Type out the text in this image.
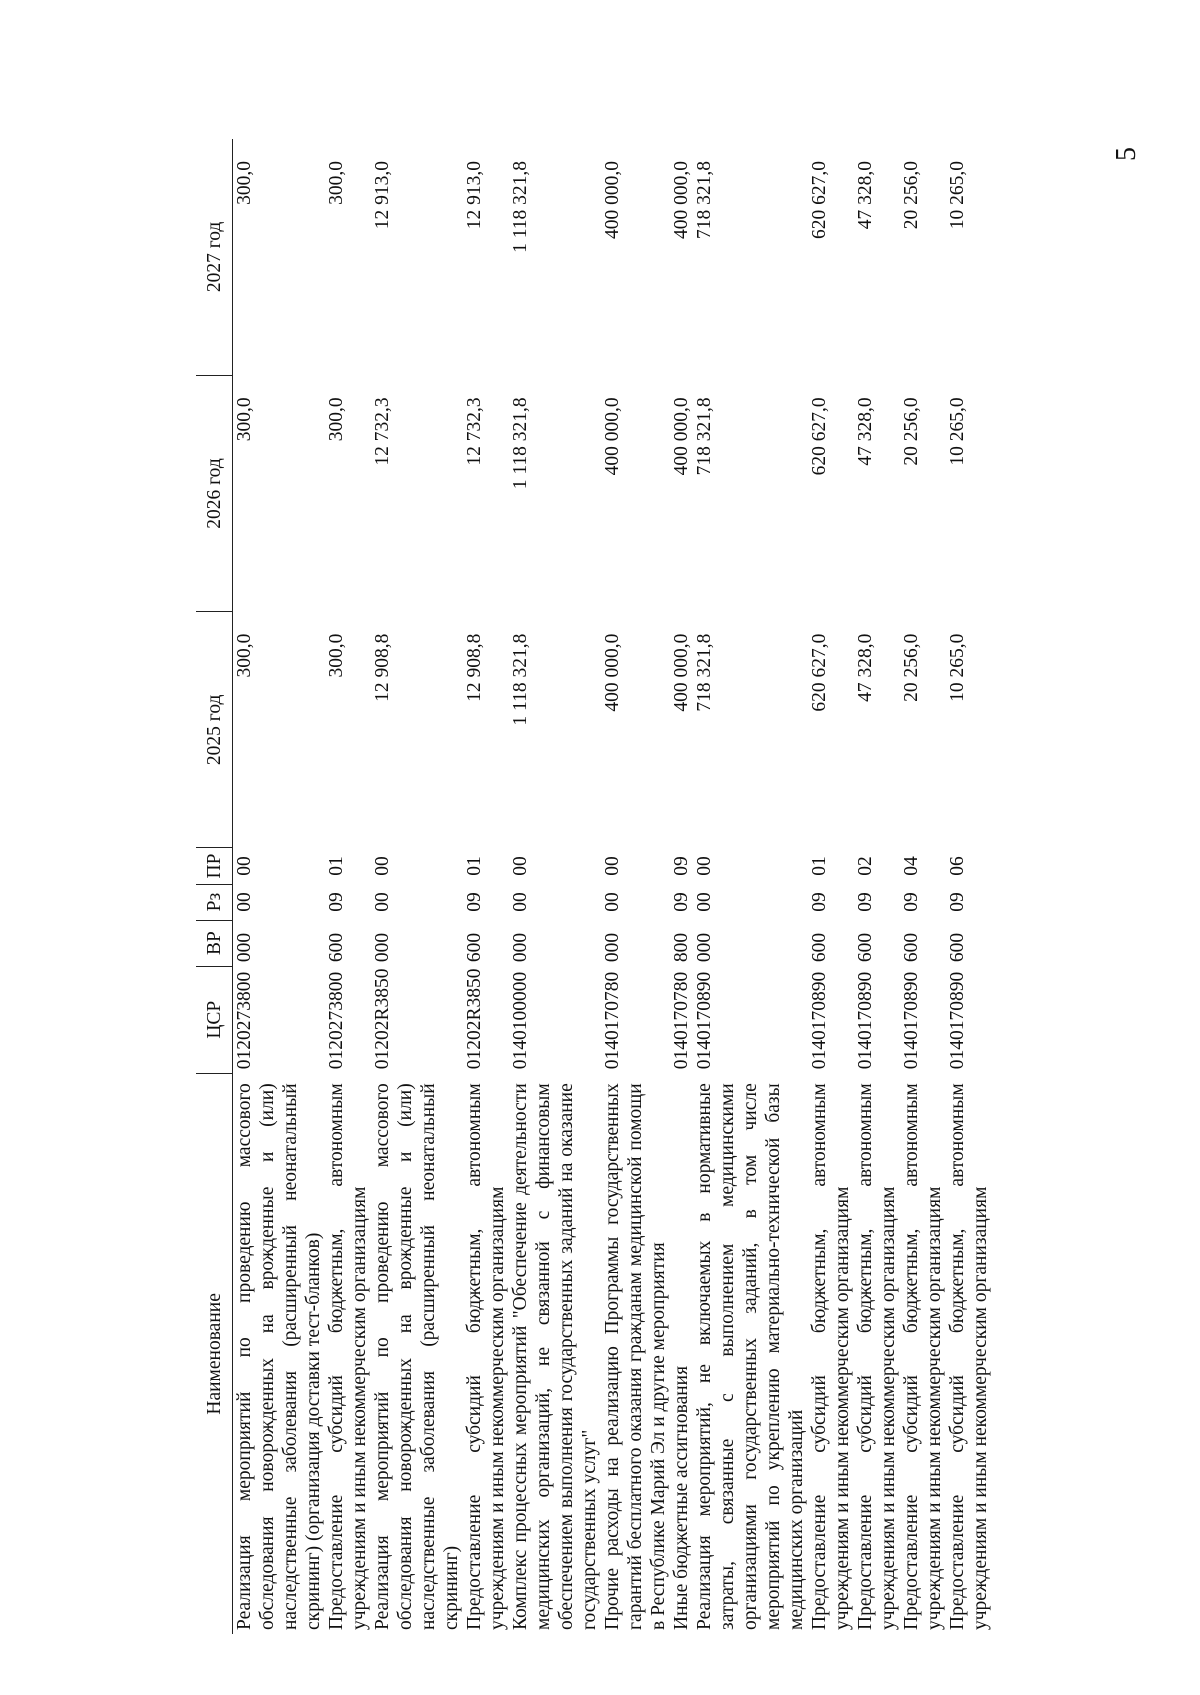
5
Наименование	ЦСР	ВР	Рз	ПР	2025 год	2026 год	2027 год
Реализация мероприятий по проведению массового обследования новорожденных на врожденные и (или) наследственные заболевания (расширенный неонатальный скрининг) (организация доставки тест-бланков)	0120273800	000	00	00	300,0	300,0	300,0
Предоставление субсидий бюджетным, автономным учреждениям и иным некоммерческим организациям	0120273800	600	09	01	300,0	300,0	300,0
Реализация мероприятий по проведению массового обследования новорожденных на врожденные и (или) наследственные заболевания (расширенный неонатальный скрининг)	01202R3850	000	00	00	12 908,8	12 732,3	12 913,0
Предоставление субсидий бюджетным, автономным учреждениям и иным некоммерческим организациям	01202R3850	600	09	01	12 908,8	12 732,3	12 913,0
Комплекс процессных мероприятий "Обеспечение деятельности медицинских организаций, не связанной с финансовым обеспечением выполнения государственных заданий на оказание государственных услуг"	0140100000	000	00	00	1 118 321,8	1 118 321,8	1 118 321,8
Прочие расходы на реализацию Программы государственных гарантий бесплатного оказания гражданам медицинской помощи в Республике Марий Эл и другие мероприятия	0140170780	000	00	00	400 000,0	400 000,0	400 000,0
Иные бюджетные ассигнования	0140170780	800	09	09	400 000,0	400 000,0	400 000,0
Реализация мероприятий, не включаемых в нормативные затраты, связанные с выполнением медицинскими организациями государственных заданий, в том числе мероприятий по укреплению материально-технической базы медицинских организаций	0140170890	000	00	00	718 321,8	718 321,8	718 321,8
Предоставление субсидий бюджетным, автономным учреждениям и иным некоммерческим организациям	0140170890	600	09	01	620 627,0	620 627,0	620 627,0
Предоставление субсидий бюджетным, автономным учреждениям и иным некоммерческим организациям	0140170890	600	09	02	47 328,0	47 328,0	47 328,0
Предоставление субсидий бюджетным, автономным учреждениям и иным некоммерческим организациям	0140170890	600	09	04	20 256,0	20 256,0	20 256,0
Предоставление субсидий бюджетным, автономным учреждениям и иным некоммерческим организациям	0140170890	600	09	06	10 265,0	10 265,0	10 265,0
